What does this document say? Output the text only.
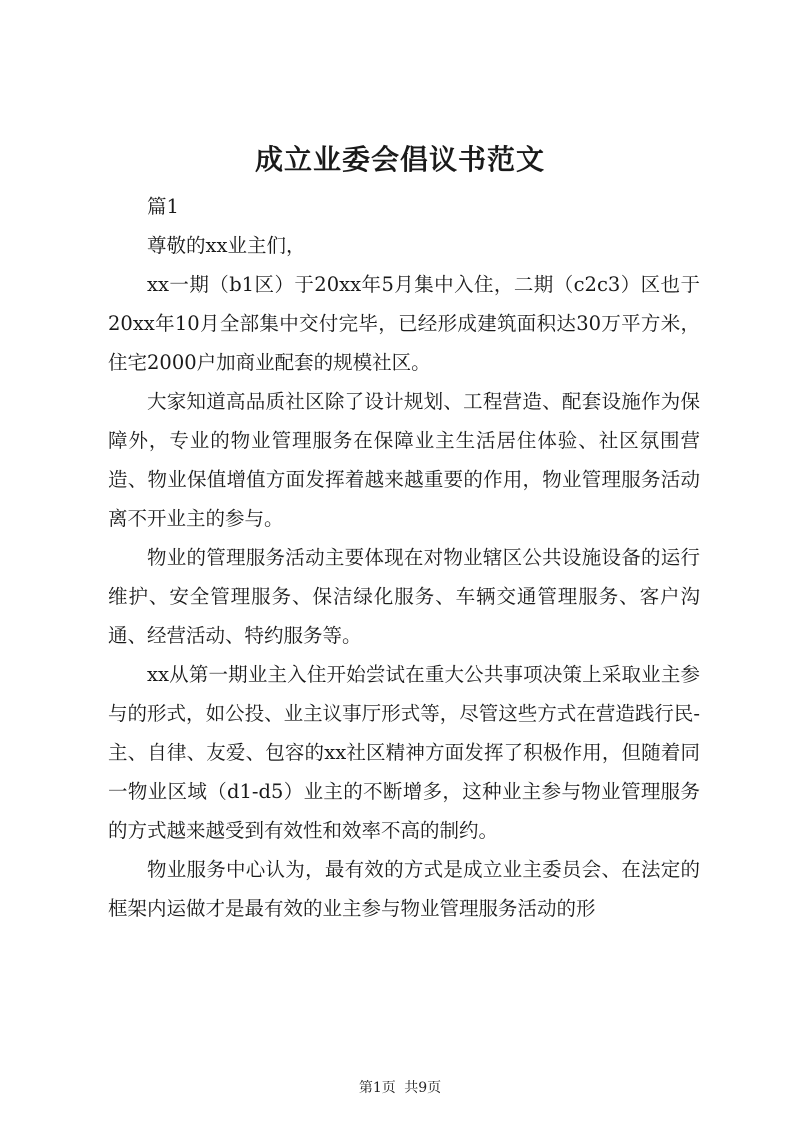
成立业委会倡议书范文

篇1

尊敬的xx业主们，

xx一期（b1区）于20xx年5月集中入住，二期（c2c3）区也于20xx年10月全部集中交付完毕，已经形成建筑面积达30万平方米，住宅2000户加商业配套的规模社区。

大家知道高品质社区除了设计规划、工程营造、配套设施作为保障外，专业的物业管理服务在保障业主生活居住体验、社区氛围营造、物业保值增值方面发挥着越来越重要的作用，物业管理服务活动离不开业主的参与。

物业的管理服务活动主要体现在对物业辖区公共设施设备的运行维护、安全管理服务、保洁绿化服务、车辆交通管理服务、客户沟通、经营活动、特约服务等。

xx从第一期业主入住开始尝试在重大公共事项决策上采取业主参与的形式，如公投、业主议事厅形式等，尽管这些方式在营造践行民-主、自律、友爱、包容的xx社区精神方面发挥了积极作用，但随着同一物业区域（d1-d5）业主的不断增多，这种业主参与物业管理服务的方式越来越受到有效性和效率不高的制约。

物业服务中心认为，最有效的方式是成立业主委员会、在法定的框架内运做才是最有效的业主参与物业管理服务活动的形

第1页 共9页
